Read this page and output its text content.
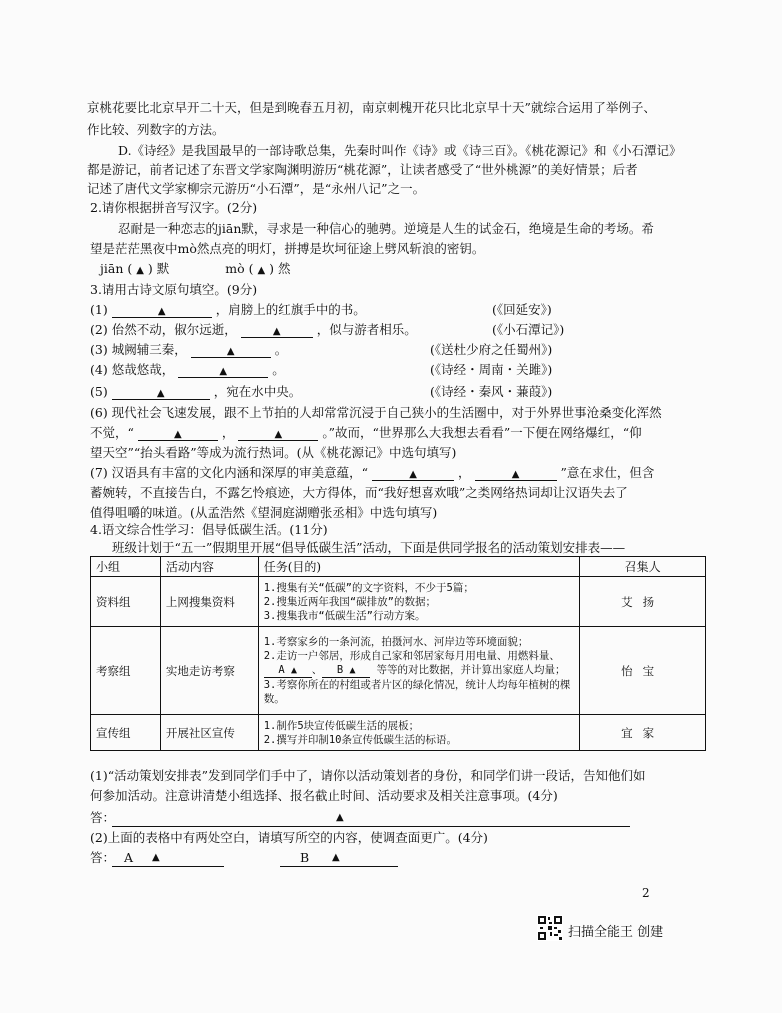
京桃花要比北京早开二十天，但是到晚春五月初，南京刺槐开花只比北京早十天”就综合运用了举例子、
作比较、列数字的方法。
D.《诗经》是我国最早的一部诗歌总集，先秦时叫作《诗》或《诗三百》。《桃花源记》和《小石潭记》
都是游记，前者记述了东晋文学家陶渊明游历“桃花源”，让读者感受了“世外桃源”的美好情景；后者
记述了唐代文学家柳宗元游历“小石潭”，是“永州八记”之一。
2.请你根据拼音写汉字。(2分)
忍耐是一种恋志的jiān默，寻求是一种信心的驰骋。逆境是人生的试金石，绝境是生命的考场。希
望是茫茫黑夜中mò然点亮的明灯，拼搏是坎坷征途上劈风斩浪的密钥。
jiān ( ▲ ) 默	mò ( ▲ ) 然
3.请用古诗文原句填空。(9分)
(1)	▲	，肩膀上的红旗手中的书。	(《回延安》)
(2) 佁然不动，俶尔远逝，	▲	，似与游者相乐。	(《小石潭记》)
(3) 城阙辅三秦，	▲	。	(《送杜少府之任蜀州》)
(4) 悠哉悠哉，	▲	。	(《诗经・周南・关雎》)
(5)	▲	，宛在水中央。	(《诗经・秦风・蒹葭》)
(6) 现代社会飞速发展，跟不上节拍的人却常常沉浸于自己狭小的生活圈中，对于外界世事沧桑变化浑然
不觉，“	▲	，	▲	。”故而，“世界那么大我想去看看”一下便在网络爆红，“仰
望天空”“抬头看路”等成为流行热词。(从《桃花源记》中选句填写)
(7) 汉语具有丰富的文化内涵和深厚的审美意蕴，“	▲	，	▲	”意在求仕，但含
蓄婉转，不直接告白，不露乞怜痕迹，大方得体，而“我好想喜欢哦”之类网络热词却让汉语失去了
值得咀嚼的味道。(从孟浩然《望洞庭湖赠张丞相》中选句填写)
4.语文综合性学习：倡导低碳生活。(11分)
班级计划于“五一”假期里开展“倡导低碳生活”活动，下面是供同学报名的活动策划安排表——
小组	活动内容	任务(目的)	召集人
资料组	上网搜集资料	1.搜集有关“低碳”的文字资料，不少于5篇；
2.搜集近两年我国“碳排放”的数据；
3.搜集我市“低碳生活”行动方案。	艾扬
考察组	实地走访考察	1.考察家乡的一条河流，拍摄河水、河岸边等环境面貌；
2.走访一户邻居，形成自己家和邻居家每月用电量、用燃料量、 A ▲ 、 B ▲ 等等的对比数据，并计算出家庭人均量；
3.考察你所在的村组或者片区的绿化情况，统计人均每年植树的棵数。	怡宝
宣传组	开展社区宣传	1.制作5块宣传低碳生活的展板；
2.撰写并印制10条宣传低碳生活的标语。	宜家
(1)“活动策划安排表”发到同学们手中了，请你以活动策划者的身份，和同学们讲一段话，告知他们如
何参加活动。注意讲清楚小组选择、报名截止时间、活动要求及相关注意事项。(4分)
答：	▲
(2)上面的表格中有两处空白，请填写所空的内容，使调查面更广。(4分)
答： A ▲	B ▲
2
扫描全能王 创建
